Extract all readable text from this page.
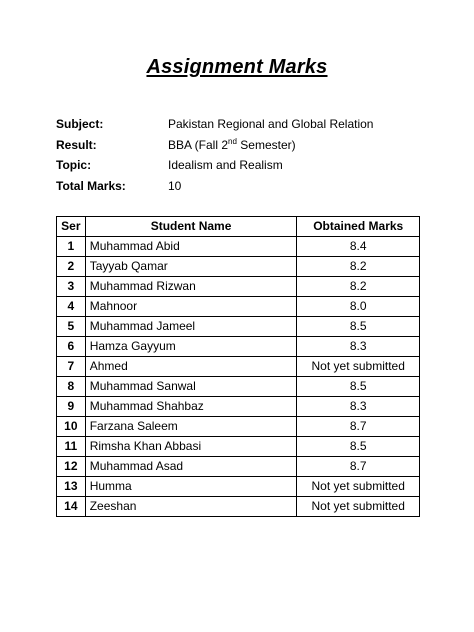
Assignment Marks
Subject:	Pakistan Regional and Global Relation
Result:	BBA (Fall 2nd Semester)
Topic:	Idealism and Realism
Total Marks:	10
Ser	Student Name	Obtained Marks
1	Muhammad Abid	8.4
2	Tayyab Qamar	8.2
3	Muhammad Rizwan	8.2
4	Mahnoor	8.0
5	Muhammad Jameel	8.5
6	Hamza Gayyum	8.3
7	Ahmed	Not yet submitted
8	Muhammad Sanwal	8.5
9	Muhammad Shahbaz	8.3
10	Farzana Saleem	8.7
11	Rimsha Khan Abbasi	8.5
12	Muhammad Asad	8.7
13	Humma	Not yet submitted
14	Zeeshan	Not yet submitted
